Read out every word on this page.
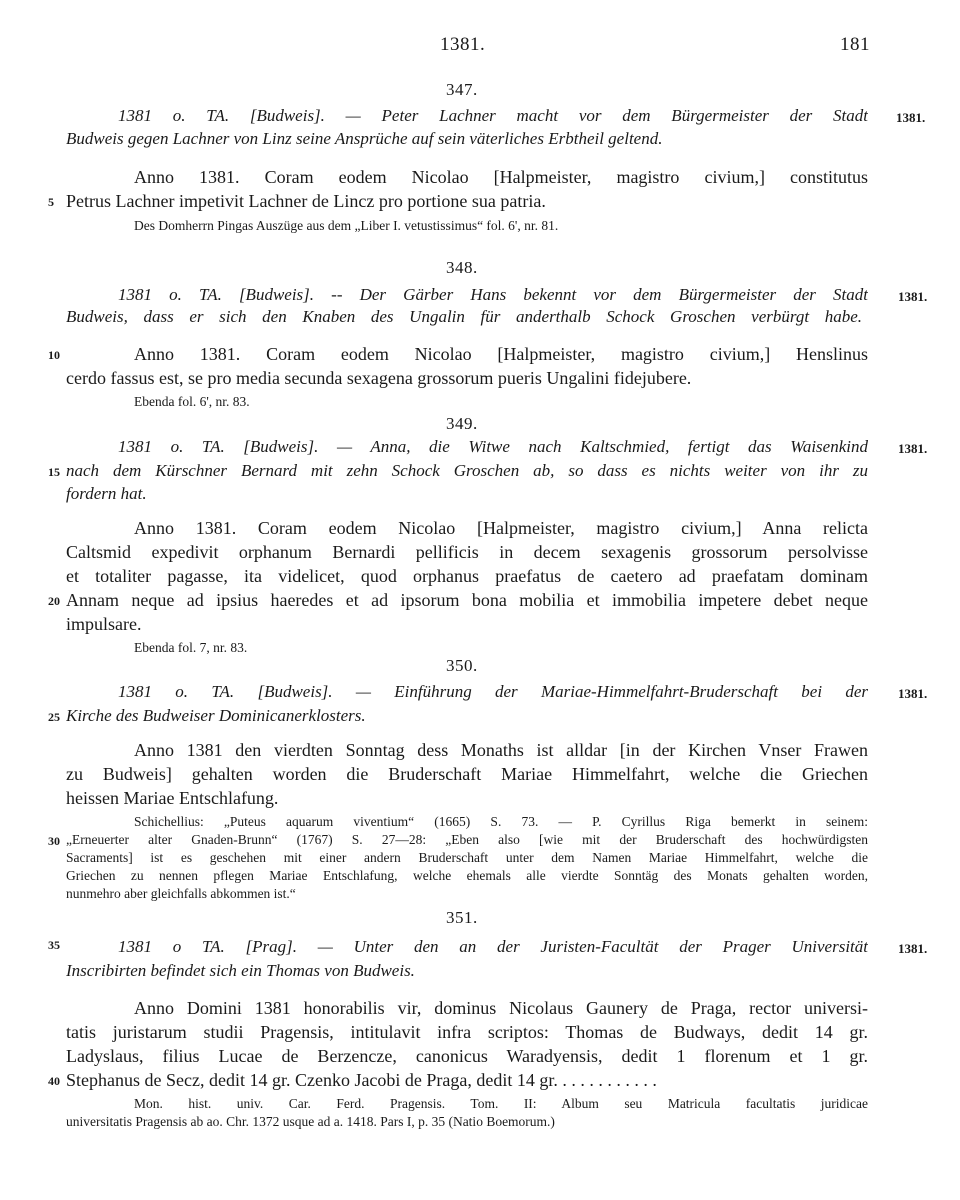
1381.	181
347.
1381 o. TA. [Budweis]. — Peter Lachner macht vor dem Bürgermeister der Stadt 1381.
Budweis gegen Lachner von Linz seine Ansprüche auf sein väterliches Erbtheil geltend.
Anno 1381. Coram eodem Nicolao [Halpmeister, magistro civium,] constitutus
5 Petrus Lachner impetivit Lachner de Lincz pro portione sua patria.
Des Domherrn Pingas Auszüge aus dem „Liber I. vetustissimus“ fol. 6', nr. 81.
348.
1381 o. TA. [Budweis]. -- Der Gärber Hans bekennt vor dem Bürgermeister der Stadt 1381.
Budweis, dass er sich den Knaben des Ungalin für anderthalb Schock Groschen verbürgt habe.
10	Anno 1381. Coram eodem Nicolao [Halpmeister, magistro civium,] Henslinus
cerdo fassus est, se pro media secunda sexagena grossorum pueris Ungalini fidejubere.
Ebenda fol. 6', nr. 83.
349.
1381 o. TA. [Budweis]. — Anna, die Witwe nach Kaltschmied, fertigt das Waisenkind 1381.
15 nach dem Kürschner Bernard mit zehn Schock Groschen ab, so dass es nichts weiter von ihr zu
fordern hat.
Anno 1381. Coram eodem Nicolao [Halpmeister, magistro civium,] Anna relicta
Caltsmid expedivit orphanum Bernardi pellificis in decem sexagenis grossorum persolvisse
et totaliter pagasse, ita videlicet, quod orphanus praefatus de caetero ad praefatam dominam
20 Annam neque ad ipsius haeredes et ad ipsorum bona mobilia et immobilia impetere debet neque
impulsare.
Ebenda fol. 7, nr. 83.
350.
1381 o. TA. [Budweis]. — Einführung der Mariae-Himmelfahrt-Bruderschaft bei der 1381.
25 Kirche des Budweiser Dominicanerklosters.
Anno 1381 den vierdten Sonntag dess Monaths ist alldar [in der Kirchen Vnser Frawen
zu Budweis] gehalten worden die Bruderschaft Mariae Himmelfahrt, welche die Griechen
heissen Mariae Entschlafung.
Schichellius: „Puteus aquarum viventium“ (1665) S. 73. — P. Cyrillus Riga bemerkt in seinem:
30 „Erneuerter alter Gnaden-Brunn“ (1767) S. 27—28: „Eben also [wie mit der Bruderschaft des hochwürdigsten
Sacraments] ist es geschehen mit einer andern Bruderschaft unter dem Namen Mariae Himmelfahrt, welche die
Griechen zu nennen pflegen Mariae Entschlafung, welche ehemals alle vierdte Sonntäg des Monats gehalten worden,
nunmehro aber gleichfalls abkommen ist.“
351.
35	1381 o TA. [Prag]. — Unter den an der Juristen-Facultät der Prager Universität 1381.
Inscribirten befindet sich ein Thomas von Budweis.
Anno Domini 1381 honorabilis vir, dominus Nicolaus Gaunery de Praga, rector universi-
tatis juristarum studii Pragensis, intitulavit infra scriptos: Thomas de Budways, dedit 14 gr.
Ladyslaus, filius Lucae de Berzencze, canonicus Waradyensis, dedit 1 florenum et 1 gr.
40 Stephanus de Secz, dedit 14 gr. Czenko Jacobi de Praga, dedit 14 gr. . . . . . . . . . . .
Mon. hist. univ. Car. Ferd. Pragensis. Tom. II: Album seu Matricula facultatis juridicae
universitatis Pragensis ab ao. Chr. 1372 usque ad a. 1418. Pars I, p. 35 (Natio Boemorum.)
